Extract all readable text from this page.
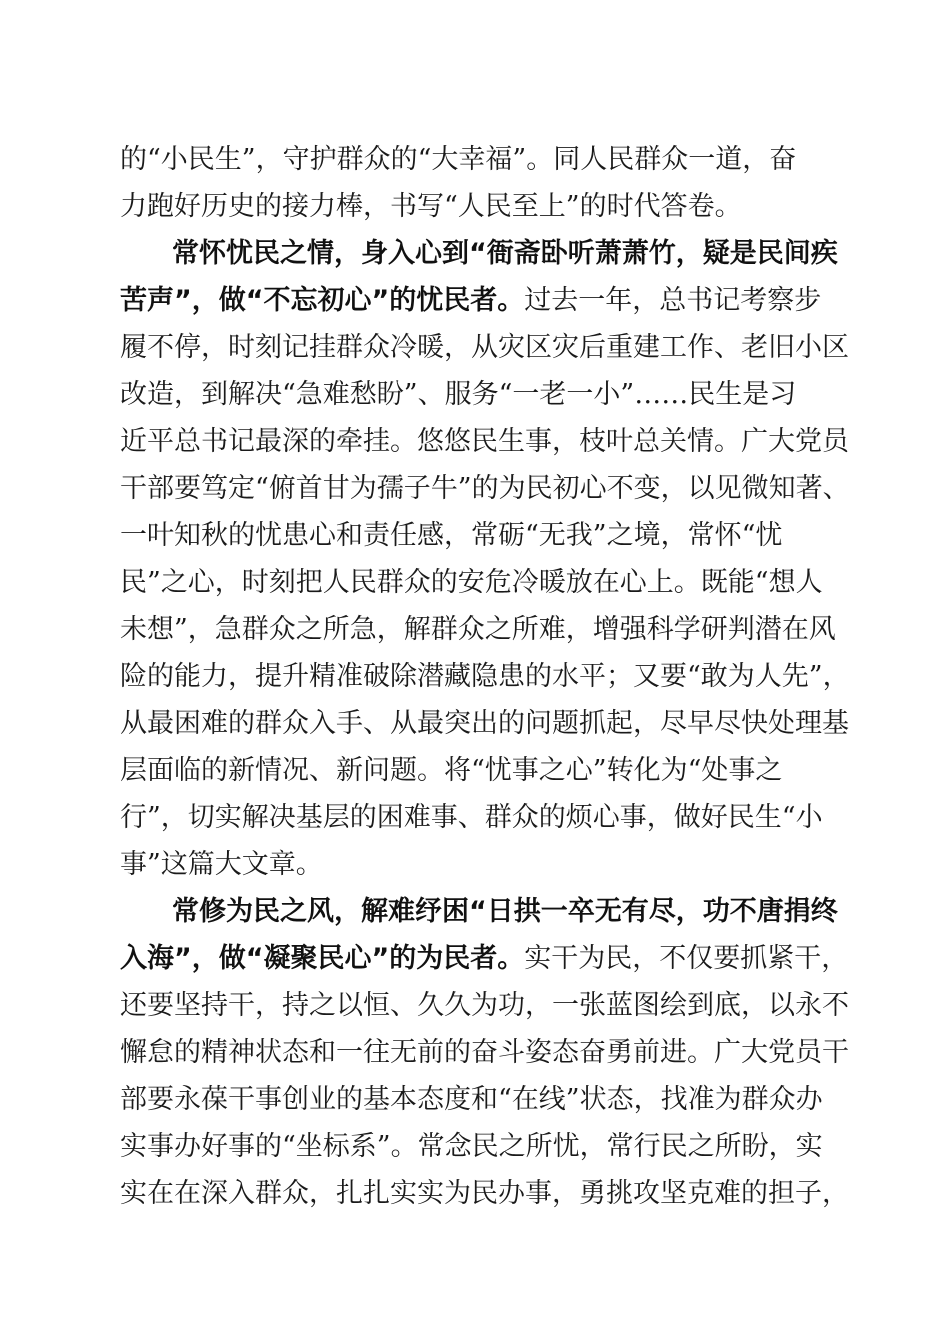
的“小民生”，守护群众的“大幸福”。同人民群众一道，奋
力跑好历史的接力棒，书写“人民至上”的时代答卷。
常怀忧民之情，身入心到“衙斋卧听萧萧竹，疑是民间疾
苦声”，做“不忘初心”的忧民者。过去一年，总书记考察步
履不停，时刻记挂群众冷暖，从灾区灾后重建工作、老旧小区
改造，到解决“急难愁盼”、服务“一老一小”……民生是习
近平总书记最深的牵挂。悠悠民生事，枝叶总关情。广大党员
干部要笃定“俯首甘为孺子牛”的为民初心不变，以见微知著、
一叶知秋的忧患心和责任感，常砺“无我”之境，常怀“忧
民”之心，时刻把人民群众的安危冷暖放在心上。既能“想人
未想”，急群众之所急，解群众之所难，增强科学研判潜在风
险的能力，提升精准破除潜藏隐患的水平；又要“敢为人先”，
从最困难的群众入手、从最突出的问题抓起，尽早尽快处理基
层面临的新情况、新问题。将“忧事之心”转化为“处事之
行”，切实解决基层的困难事、群众的烦心事，做好民生“小
事”这篇大文章。
常修为民之风，解难纾困“日拱一卒无有尽，功不唐捐终
入海”，做“凝聚民心”的为民者。实干为民，不仅要抓紧干，
还要坚持干，持之以恒、久久为功，一张蓝图绘到底，以永不
懈怠的精神状态和一往无前的奋斗姿态奋勇前进。广大党员干
部要永葆干事创业的基本态度和“在线”状态，找准为群众办
实事办好事的“坐标系”。常念民之所忧，常行民之所盼，实
实在在深入群众，扎扎实实为民办事，勇挑攻坚克难的担子，
